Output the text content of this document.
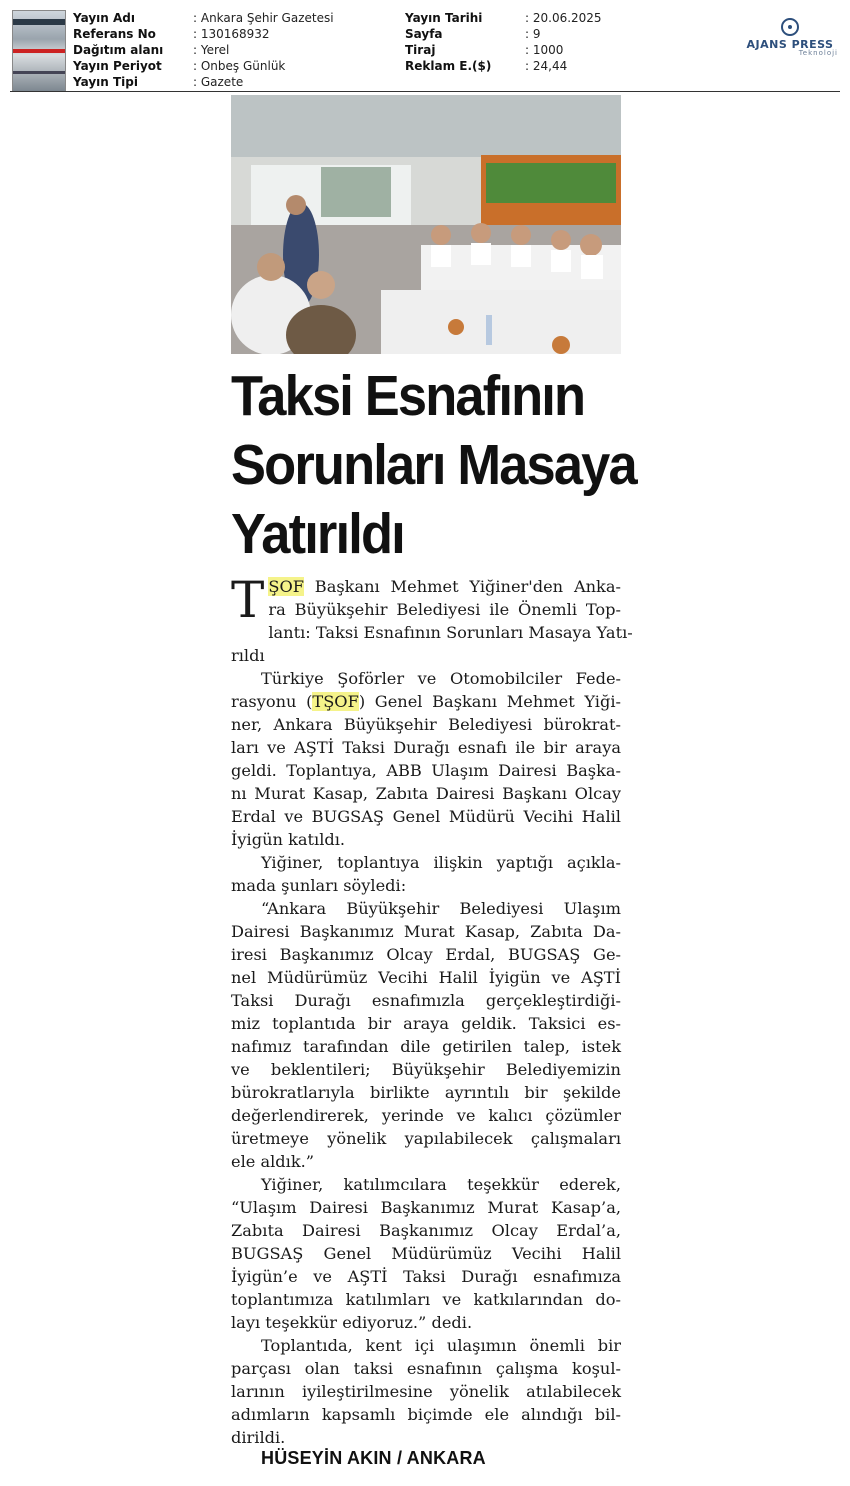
Yayın Adı	: Ankara Şehir Gazetesi
Referans No	: 130168932
Dağıtım alanı : Yerel
Yayın Periyot	: Onbeş Günlük
Yayın Tipi	: Gazete
Yayın Tarihi	: 20.06.2025
Sayfa	: 9
Tiraj	: 1000
Reklam E.($)	: 24,44
AJANS PRESS
Teknoloji
Taksi Esnafının
Sorunları Masaya
Yatırıldı
T ŞOF Başkanı Mehmet Yiğiner'den Anka-
ra Büyükşehir Belediyesi ile Önemli Top-
lantı: Taksi Esnafının Sorunları Masaya Yatı-
rıldı
Türkiye Şoförler ve Otomobilciler Fede-
rasyonu (TŞOF) Genel Başkanı Mehmet Yiği-
ner, Ankara Büyükşehir Belediyesi bürokrat-
ları ve AŞTİ Taksi Durağı esnafı ile bir araya
geldi. Toplantıya, ABB Ulaşım Dairesi Başka-
nı Murat Kasap, Zabıta Dairesi Başkanı Olcay
Erdal ve BUGSAŞ Genel Müdürü Vecihi Halil
İyigün katıldı.
Yiğiner, toplantıya ilişkin yaptığı açıkla-
mada şunları söyledi:
“Ankara Büyükşehir Belediyesi Ulaşım
Dairesi Başkanımız Murat Kasap, Zabıta Da-
iresi Başkanımız Olcay Erdal, BUGSAŞ Ge-
nel Müdürümüz Vecihi Halil İyigün ve AŞTİ
Taksi Durağı esnafımızla gerçekleştirdiği-
miz toplantıda bir araya geldik. Taksici es-
nafımız tarafından dile getirilen talep, istek
ve beklentileri; Büyükşehir Belediyemizin
bürokratlarıyla birlikte ayrıntılı bir şekilde
değerlendirerek, yerinde ve kalıcı çözümler
üretmeye yönelik yapılabilecek çalışmaları
ele aldık.”
Yiğiner, katılımcılara teşekkür ederek,
“Ulaşım Dairesi Başkanımız Murat Kasap’a,
Zabıta Dairesi Başkanımız Olcay Erdal’a,
BUGSAŞ Genel Müdürümüz Vecihi Halil
İyigün’e ve AŞTİ Taksi Durağı esnafımıza
toplantımıza katılımları ve katkılarından do-
layı teşekkür ediyoruz.” dedi.
Toplantıda, kent içi ulaşımın önemli bir
parçası olan taksi esnafının çalışma koşul-
larının iyileştirilmesine yönelik atılabilecek
adımların kapsamlı biçimde ele alındığı bil-
dirildi.
HÜSEYİN AKIN / ANKARA
